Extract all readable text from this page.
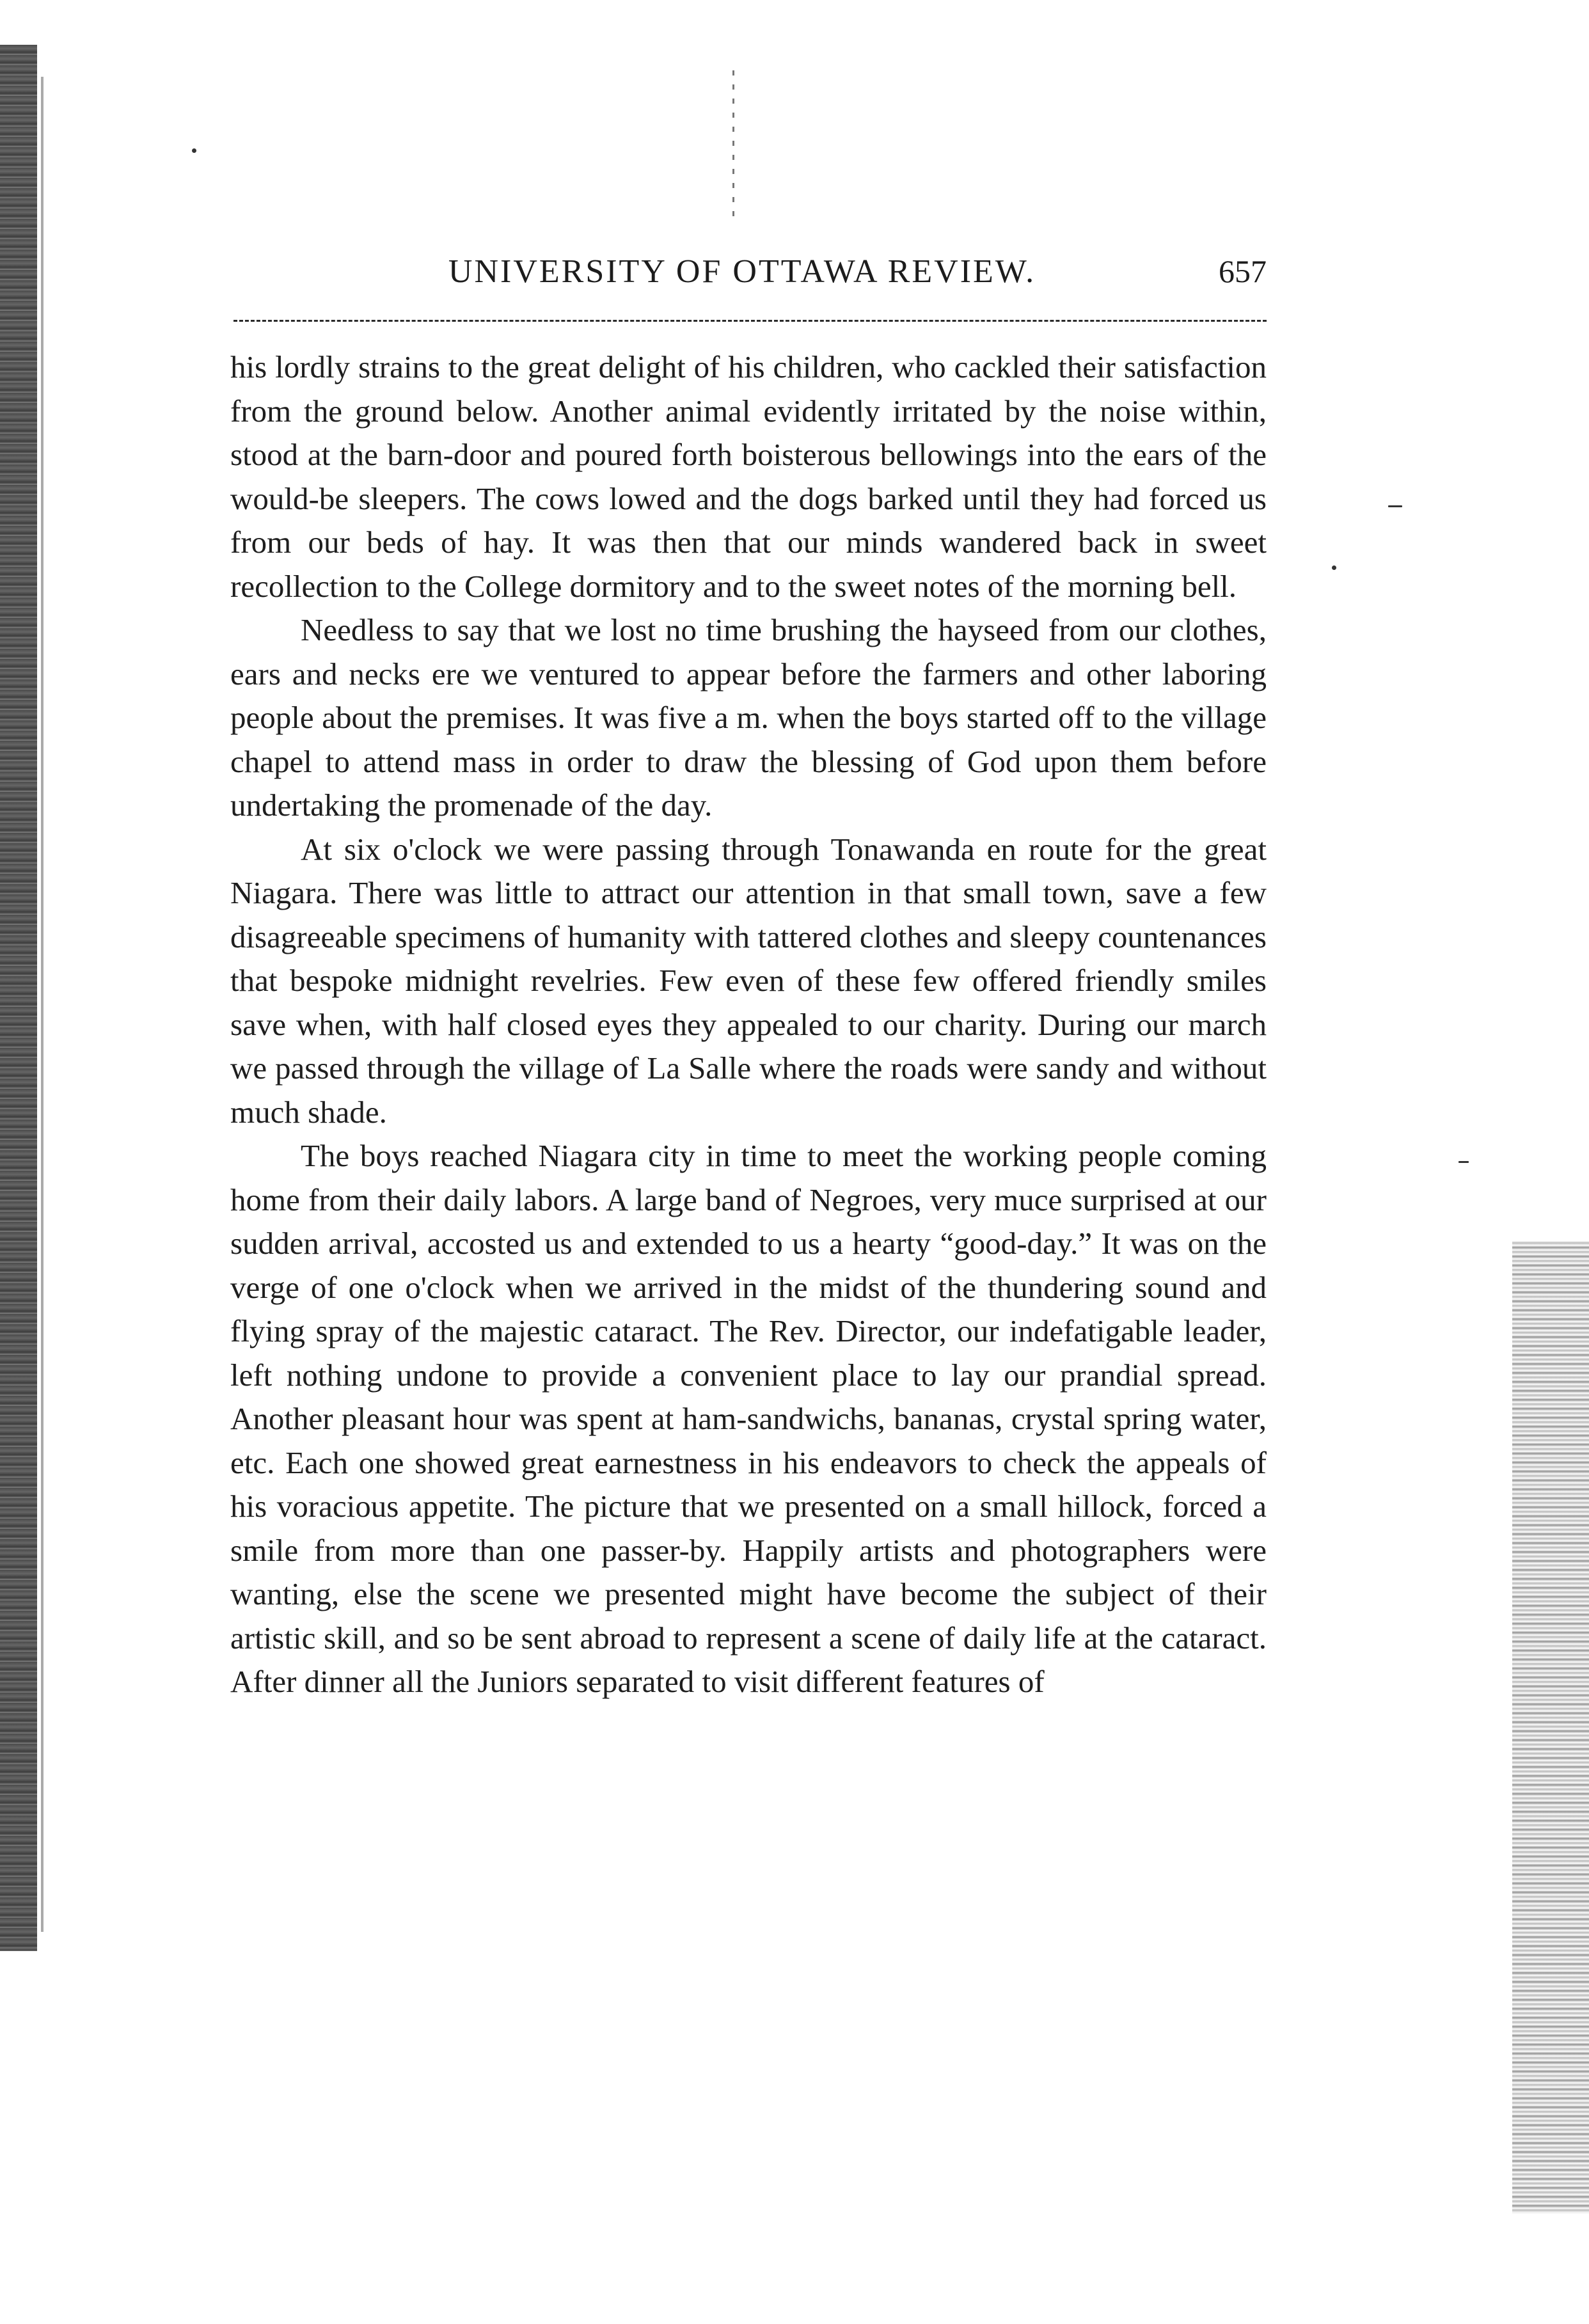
UNIVERSITY OF OTTAWA REVIEW.	657

his lordly strains to the great delight of his children, who cackled their satisfaction from the ground below. Another animal evidently irritated by the noise within, stood at the barn-door and poured forth boisterous bellowings into the ears of the would-be sleepers. The cows lowed and the dogs barked until they had forced us from our beds of hay. It was then that our minds wandered back in sweet recollection to the College dormitory and to the sweet notes of the morning bell.

Needless to say that we lost no time brushing the hayseed from our clothes, ears and necks ere we ventured to appear before the farmers and other laboring people about the premises. It was five a m. when the boys started off to the village chapel to attend mass in order to draw the blessing of God upon them before undertaking the promenade of the day.

At six o'clock we were passing through Tonawanda en route for the great Niagara. There was little to attract our attention in that small town, save a few disagreeable specimens of humanity with tattered clothes and sleepy countenances that bespoke midnight revelries. Few even of these few offered friendly smiles save when, with half closed eyes they appealed to our charity. During our march we passed through the village of La Salle where the roads were sandy and without much shade.

The boys reached Niagara city in time to meet the working people coming home from their daily labors. A large band of Negroes, very muce surprised at our sudden arrival, accosted us and extended to us a hearty “good-day.” It was on the verge of one o'clock when we arrived in the midst of the thundering sound and flying spray of the majestic cataract. The Rev. Director, our indefatigable leader, left nothing undone to provide a convenient place to lay our prandial spread. Another pleasant hour was spent at ham-sandwichs, bananas, crystal spring water, etc. Each one showed great earnestness in his endeavors to check the appeals of his voracious appetite. The picture that we presented on a small hillock, forced a smile from more than one passer-by. Happily artists and photographers were wanting, else the scene we presented might have become the subject of their artistic skill, and so be sent abroad to represent a scene of daily life at the cataract. After dinner all the Juniors separated to visit different features of
